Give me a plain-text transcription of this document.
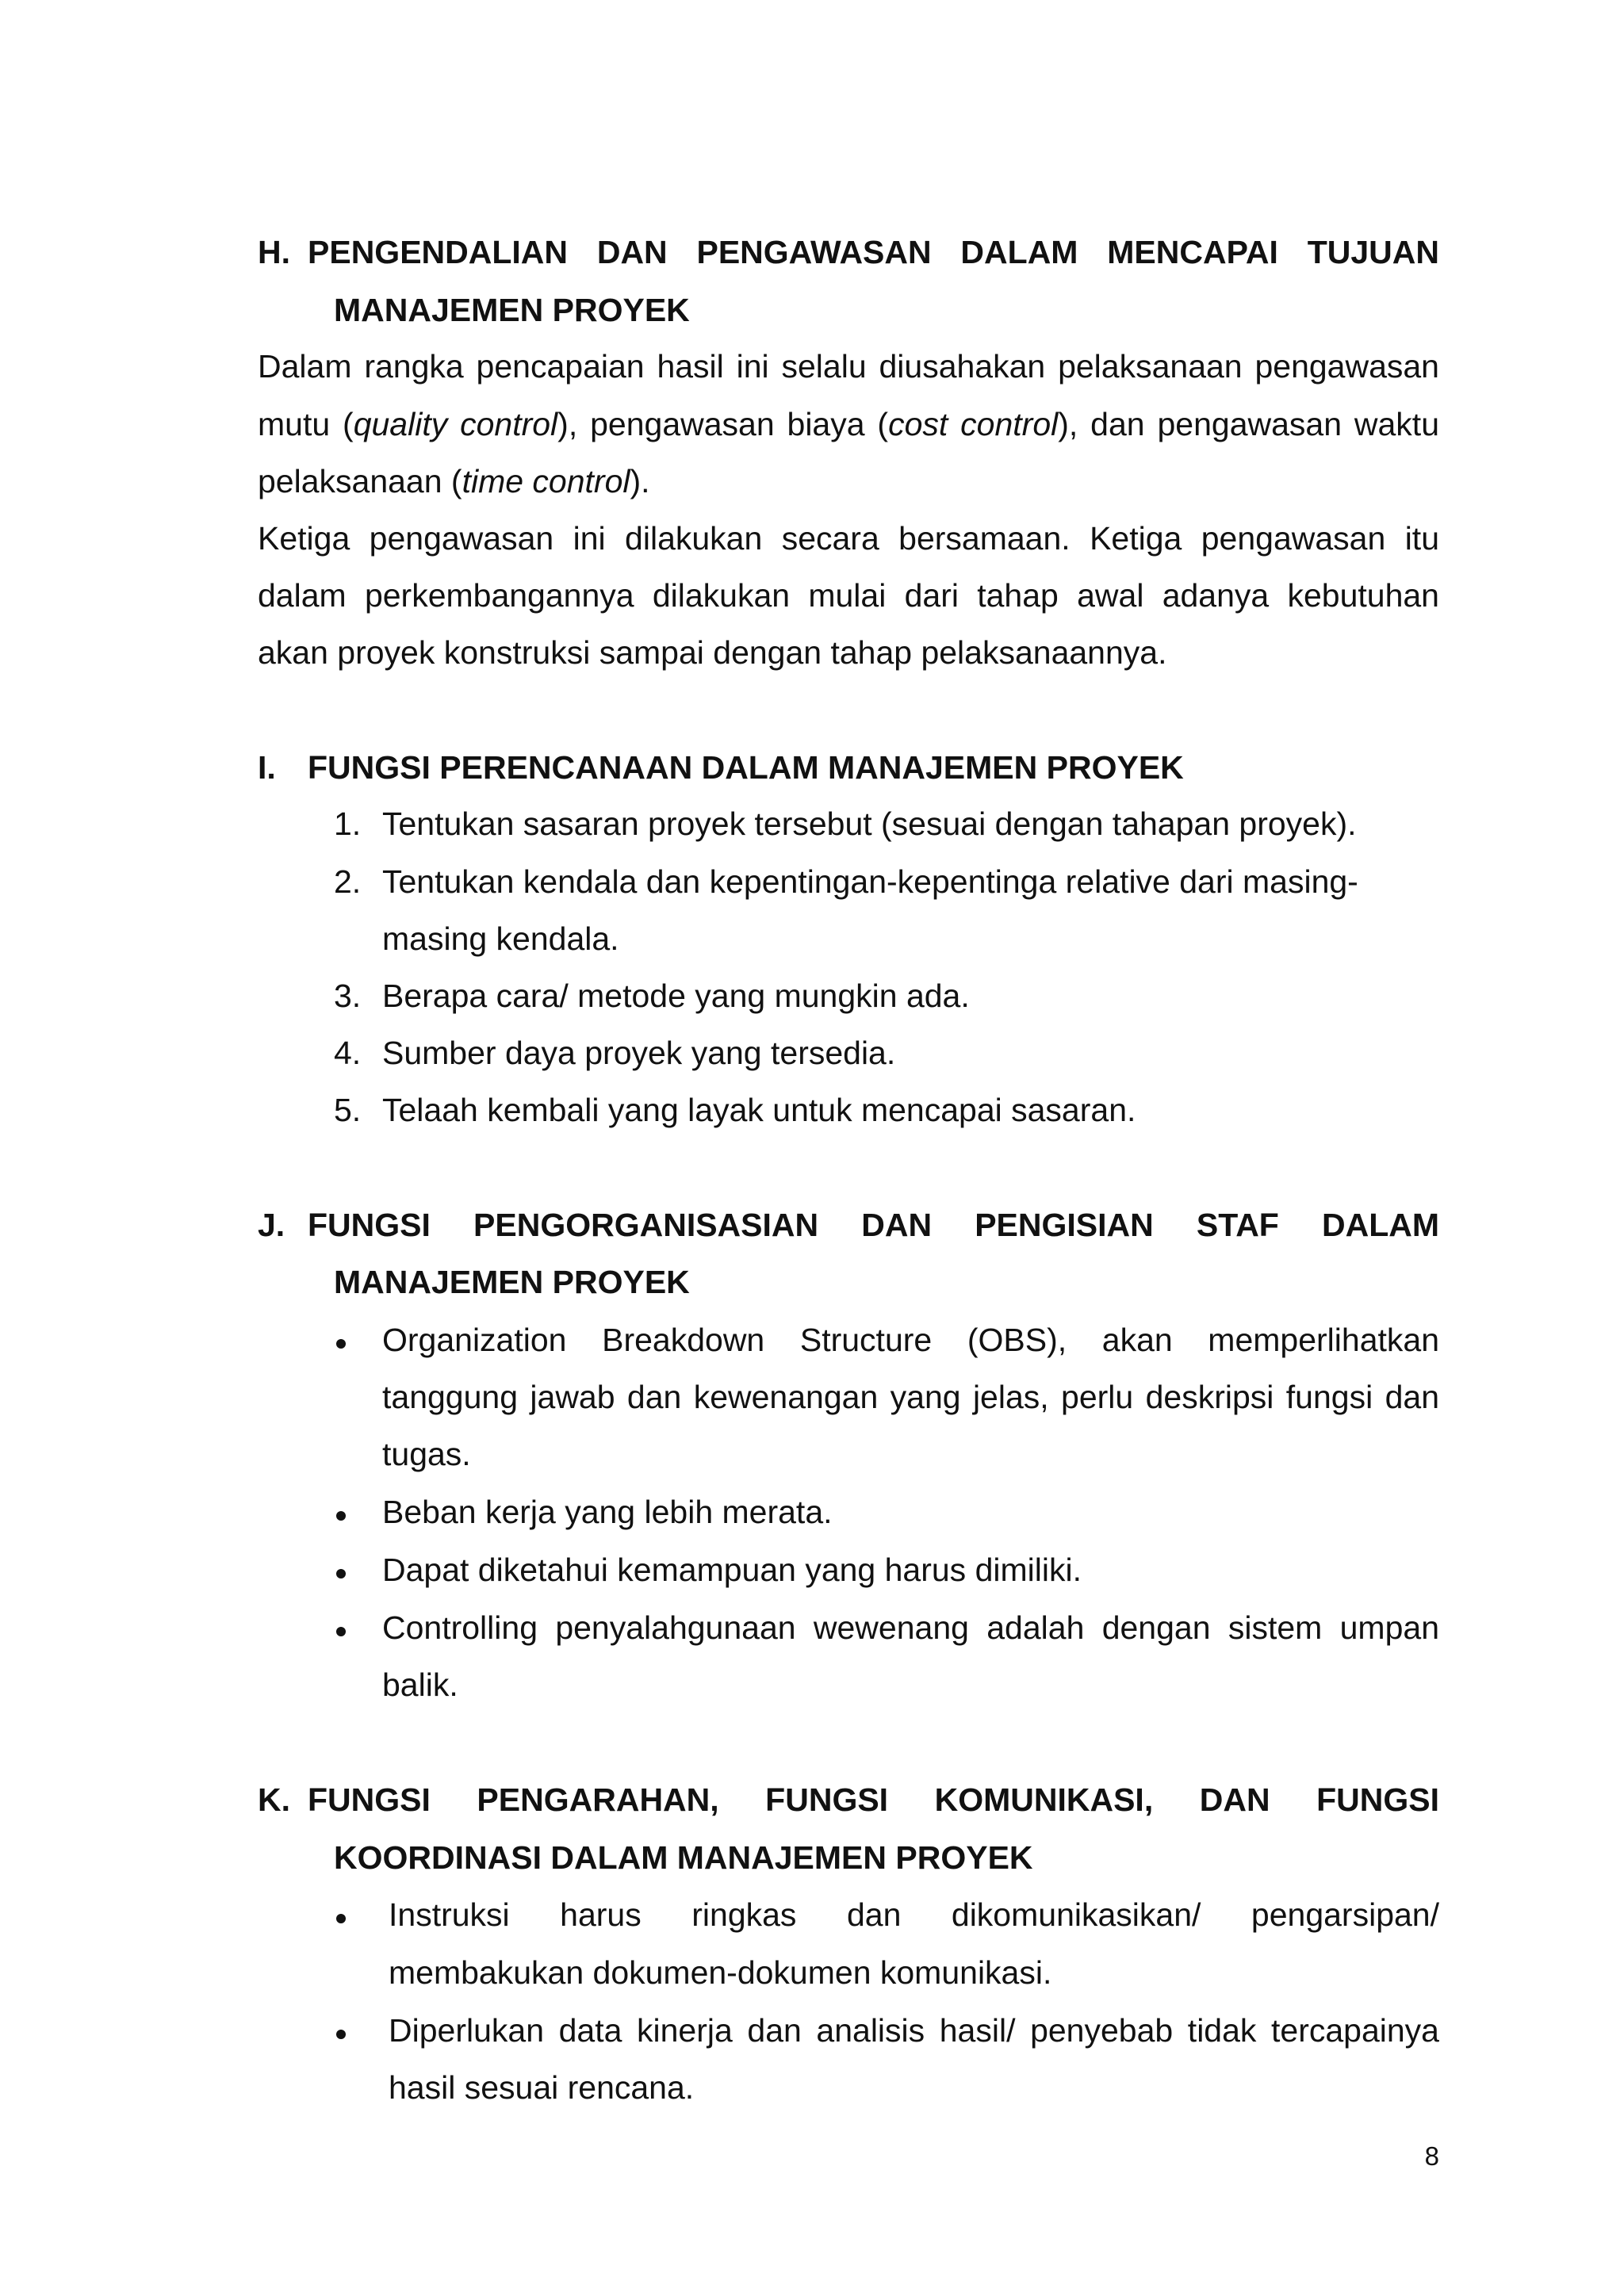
H. PENGENDALIAN DAN PENGAWASAN DALAM MENCAPAI TUJUAN
MANAJEMEN PROYEK
Dalam rangka pencapaian hasil ini selalu diusahakan pelaksanaan pengawasan
mutu (quality control), pengawasan biaya (cost control), dan pengawasan waktu
pelaksanaan (time control).
Ketiga pengawasan ini dilakukan secara bersamaan. Ketiga pengawasan itu
dalam perkembangannya dilakukan mulai dari tahap awal adanya kebutuhan
akan proyek konstruksi sampai dengan tahap pelaksanaannya.
I. FUNGSI PERENCANAAN DALAM MANAJEMEN PROYEK
1. Tentukan sasaran proyek tersebut (sesuai dengan tahapan proyek).
2. Tentukan kendala dan kepentingan-kepentinga relative dari masing-
masing kendala.
3. Berapa cara/ metode yang mungkin ada.
4. Sumber daya proyek yang tersedia.
5. Telaah kembali yang layak untuk mencapai sasaran.
J. FUNGSI PENGORGANISASIAN DAN PENGISIAN STAF DALAM
MANAJEMEN PROYEK
Organization Breakdown Structure (OBS), akan memperlihatkan
tanggung jawab dan kewenangan yang jelas, perlu deskripsi fungsi dan
tugas.
Beban kerja yang lebih merata.
Dapat diketahui kemampuan yang harus dimiliki.
Controlling penyalahgunaan wewenang adalah dengan sistem umpan
balik.
K. FUNGSI PENGARAHAN, FUNGSI KOMUNIKASI, DAN FUNGSI
KOORDINASI DALAM MANAJEMEN PROYEK
Instruksi harus ringkas dan dikomunikasikan/ pengarsipan/
membakukan dokumen-dokumen komunikasi.
Diperlukan data kinerja dan analisis hasil/ penyebab tidak tercapainya
hasil sesuai rencana.
8
